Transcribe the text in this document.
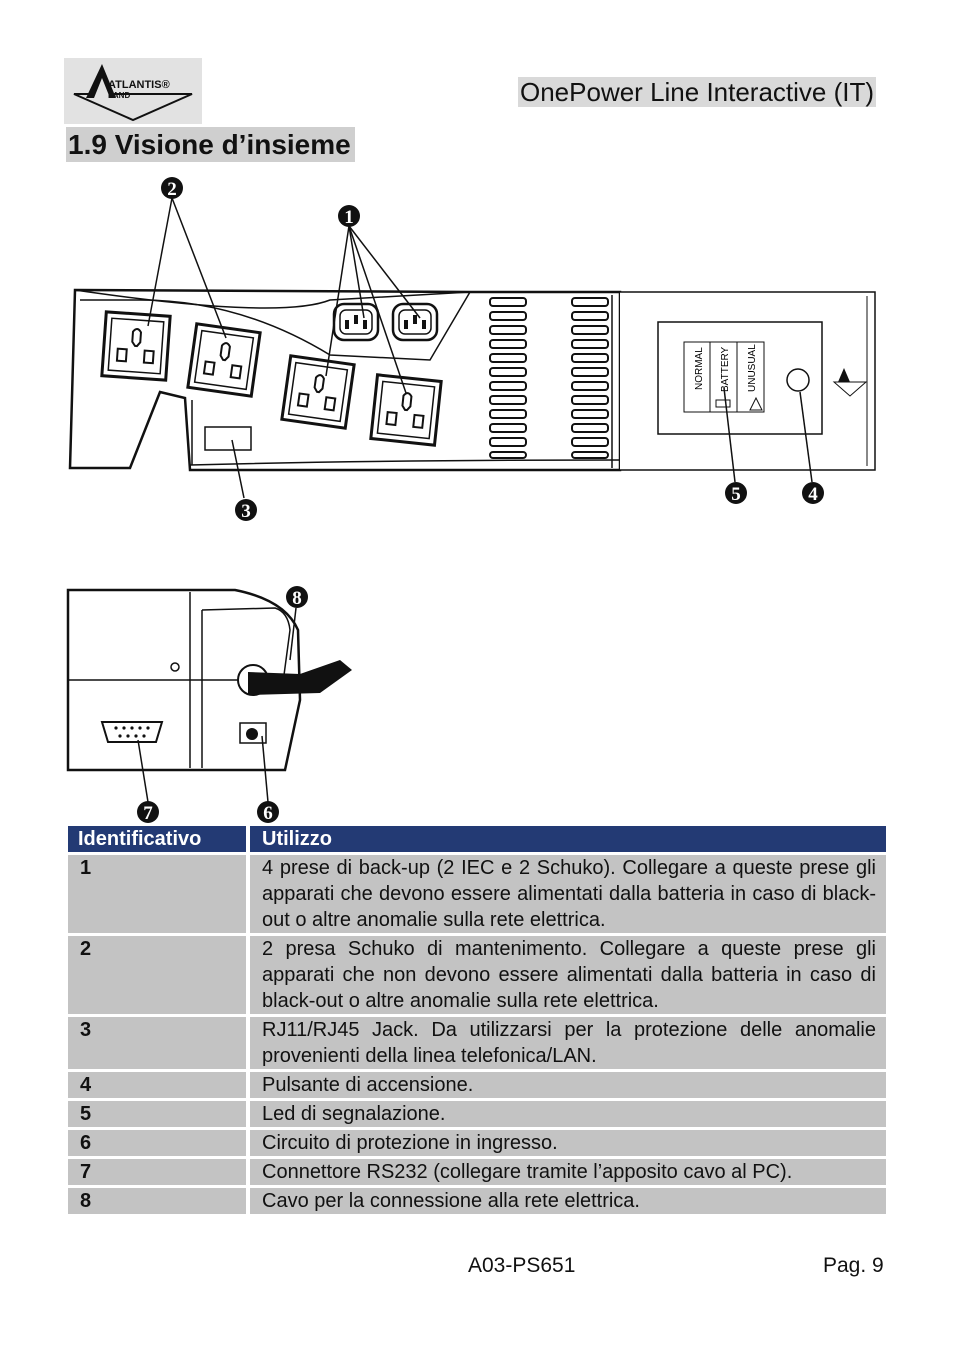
ATLANTIS®
LAND	OnePower Line Interactive (IT)
1.9 Visione d’insieme
NORMAL BATTERY UNUSUAL
2
1
3
5	4
8
7	6
Identificativo	Utilizzo
1	4 prese di back-up (2 IEC e 2 Schuko). Collegare a queste prese gli apparati che devono essere alimentati dalla batteria in caso di black-out o altre anomalie sulla rete elettrica.
2	2 presa Schuko di mantenimento. Collegare a queste prese gli apparati che non devono essere alimentati dalla batteria in caso di black-out o altre anomalie sulla rete elettrica.
3	RJ11/RJ45 Jack. Da utilizzarsi per la protezione delle anomalie provenienti della linea telefonica/LAN.
4	Pulsante di accensione.
5	Led di segnalazione.
6	Circuito di protezione in ingresso.
7	Connettore RS232 (collegare tramite l’apposito cavo al PC).
8	Cavo per la connessione alla rete elettrica.
A03-PS651	Pag. 9
